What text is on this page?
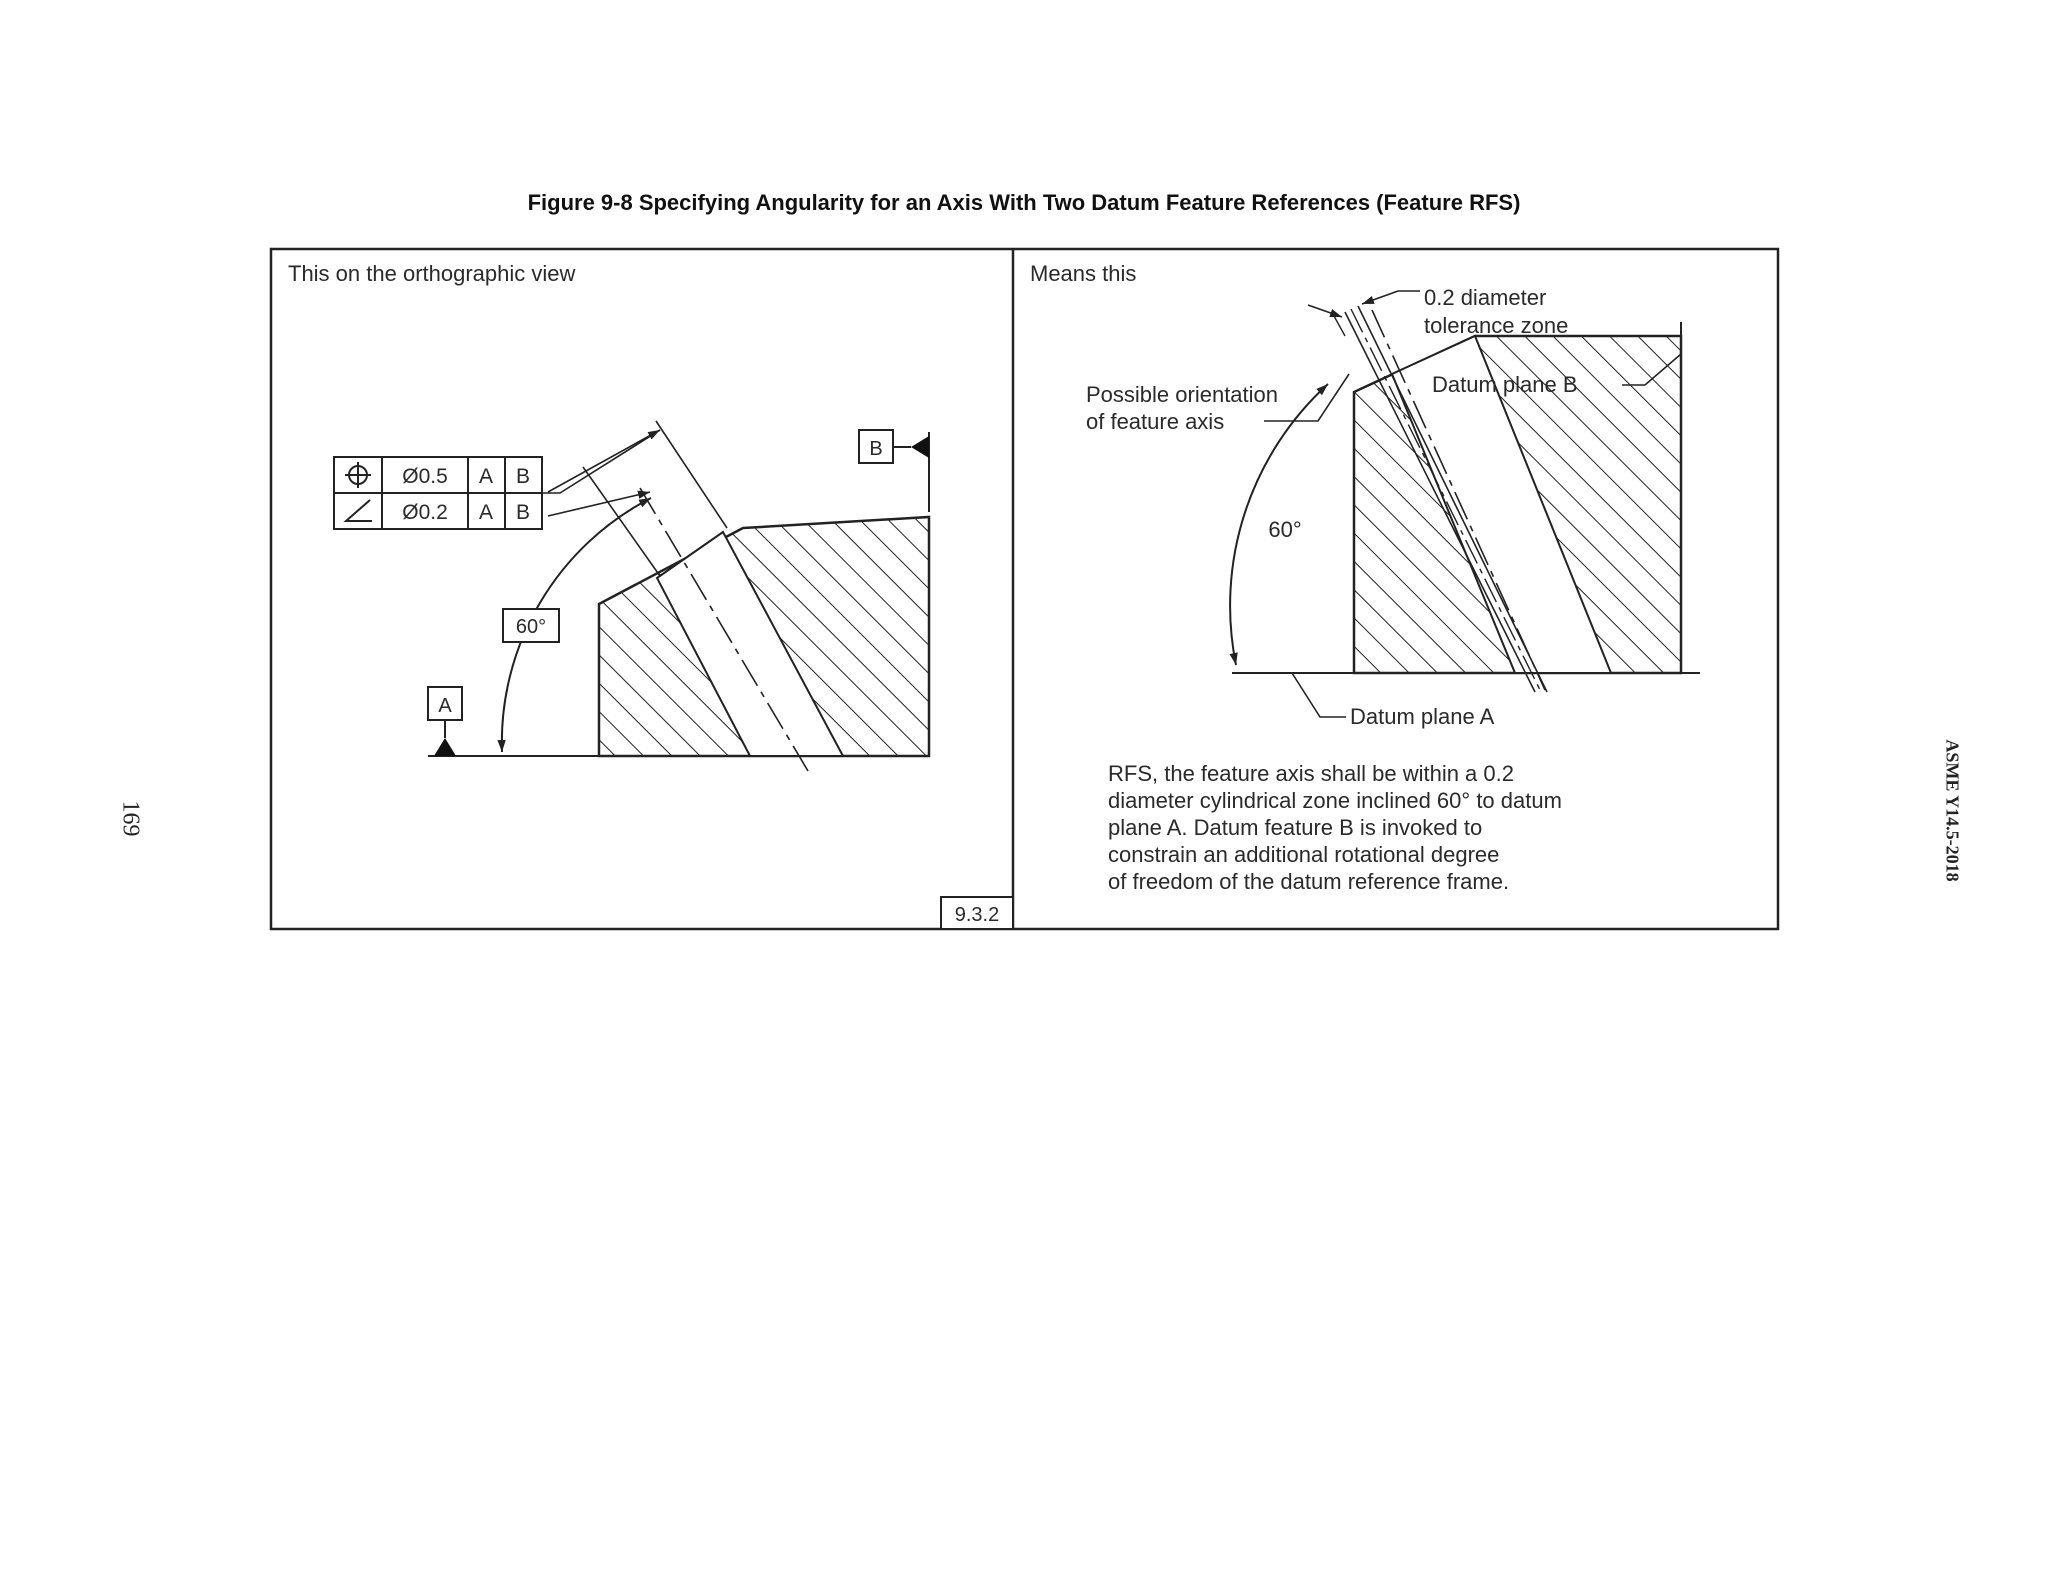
Figure 9-8 Specifying Angularity for an Axis With Two Datum Feature References (Feature RFS)
169	ASME Y14.5-2018
This on the orthographic view
A
60°
B
Ø0.5 A B
Ø0.2 A B
9.3.2
Means this
Datum plane A
Datum plane B
0.2 diameter
tolerance zone
Possible orientation
of feature axis
60°
RFS, the feature axis shall be within a 0.2
diameter cylindrical zone inclined 60° to datum
plane A. Datum feature B is invoked to
constrain an additional rotational degree
of freedom of the datum reference frame.
